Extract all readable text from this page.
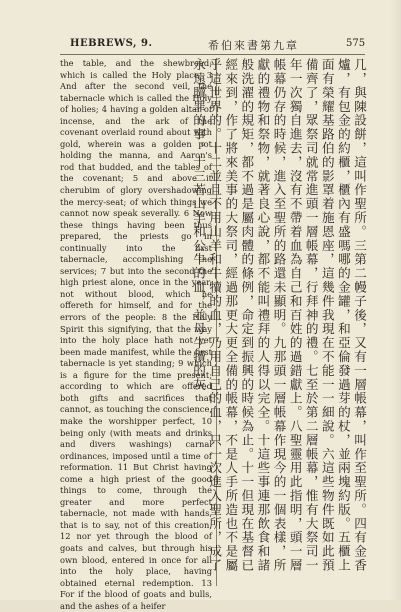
HEBREWS, 9.	希伯來書第九章	575

the table, and the shewbread; which is called the Holy place. 3 And after the second veil, the tabernacle which is called the Holy of holies; 4 having a golden altar of incense, and the ark of the covenant overlaid round about with gold, wherein was a golden pot holding the manna, and Aaron's rod that budded, and the tables of the covenant; 5 and above it cherubim of glory overshadowing the mercy-seat; of which things we cannot now speak severally. 6 Now these things having been thus prepared, the priests go in continually into the first tabernacle, accomplishing the services; 7 but into the second the high priest alone, once in the year, not without blood, which he offereth for himself, and for the errors of the people: 8 the Holy Spirit this signifying, that the way into the holy place hath not yet been made manifest, while the first tabernacle is yet standing; 9 which is a figure for the time present; according to which are offered both gifts and sacrifices that cannot, as touching the conscience, make the worshipper perfect, 10 being only (with meats and drinks and divers washings) carnal ordinances, imposed until a time of reformation. 11 But Christ having come a high priest of the good things to come, through the greater and more perfect tabernacle, not made with hands, that is to say, not of this creation, 12 nor yet through the blood of goats and calves, but through his own blood, entered in once for all into the holy place, having obtained eternal redemption. 13 For if the blood of goats and bulls, and the ashes of a heifer

几，與陳設餅，這叫作聖所。三第二幔子後，又有一層帳幕，叫作至聖所。四有金香爐，有包金的約櫃，櫃內有盛嗎哪的金罐，和亞倫發過芽的杖，並兩塊約版。五櫃上面有榮耀基路伯的影罩着施恩座，這幾件我現在不能一一細說。六這些物件既如此預備齊了，眾祭司就常進頭一層帳幕，行拜神的禮。七至於第二層帳幕，惟有大祭司一年一次獨自進去，沒有不帶着血為自己和百姓的過錯獻上。八聖靈用此指明，頭一層帳幕仍存的時候，進入至聖所的路還未顯明。九那頭一層帳幕作現今的一個表樣，所獻的禮物和祭物，就著良心說，都不能叫禮拜的人得以完全。十這些事連那飲食和諸般洗濯的規矩，都不過是屬肉體的條例，命定到振興的時候為止。十一但現在基督已經來到，作了將來美事的大祭司，經過那更大更全備的帳幕，不是人手所造也不是屬乎這世界的。十二並且不用山羊和牛犢的血，乃用自己的血，只一次進入聖所，成了永遠贖罪的事。十三若山羊和公牛的血，並母牛犢的灰
